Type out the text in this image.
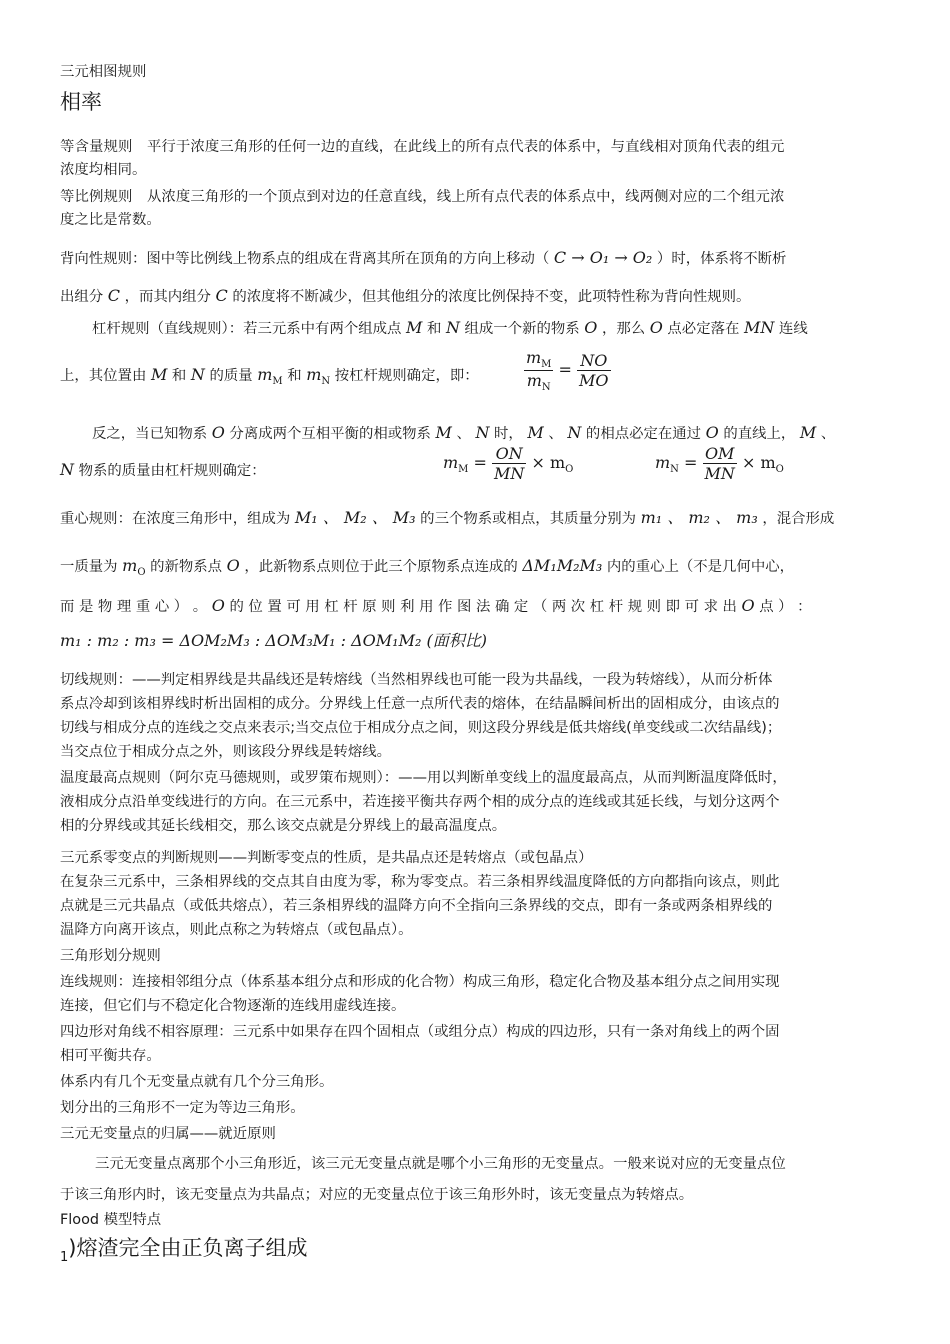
三元相图规则
相率
等含量规则　平行于浓度三角形的任何一边的直线，在此线上的所有点代表的体系中，与直线相对顶角代表的组元
浓度均相同。
等比例规则　从浓度三角形的一个顶点到对边的任意直线，线上所有点代表的体系点中，线两侧对应的二个组元浓
度之比是常数。
背向性规则：图中等比例线上物系点的组成在背离其所在顶角的方向上移动（ C → O₁ → O₂ ）时，体系将不断析
出组分 C ，而其内组分 C 的浓度将不断减少，但其他组分的浓度比例保持不变，此项特性称为背向性规则。
杠杆规则（直线规则）：若三元系中有两个组成点 M 和 N 组成一个新的物系 O ，那么 O 点必定落在 MN 连线
上，其位置由 M 和 N 的质量 $m_M$ 和 $m_N$ 按杠杆规则确定，即：	$\frac{m_M}{m_N} = \frac{NO}{MO}$
反之，当已知物系 O 分离成两个互相平衡的相或物系 M 、 N 时， M 、 N 的相点必定在通过 O 的直线上， M 、
N 物系的质量由杠杆规则确定：	$m_M = \frac{ON}{MN} \times m_O$	$m_N = \frac{OM}{MN} \times m_O$
重心规则：在浓度三角形中，组成为 M₁ 、 M₂ 、 M₃ 的三个物系或相点，其质量分别为 m₁ 、 m₂ 、 m₃ ，混合形成
一质量为 $m_O$ 的新物系点 O ，此新物系点则位于此三个原物系点连成的 ΔM₁M₂M₃ 内的重心上（不是几何中心，
而 是 物 理 重 心 ） 。 O 的 位 置 可 用 杠 杆 原 则 利 用 作 图 法 确 定 （ 两 次 杠 杆 规 则 即 可 求 出 O 点 ） ：
m₁ : m₂ : m₃ = ΔOM₂M₃ : ΔOM₃M₁ : ΔOM₁M₂ (面积比)
切线规则：——判定相界线是共晶线还是转熔线（当然相界线也可能一段为共晶线，一段为转熔线），从而分析体
系点冷却到该相界线时析出固相的成分。分界线上任意一点所代表的熔体，在结晶瞬间析出的固相成分，由该点的
切线与相成分点的连线之交点来表示;当交点位于相成分点之间，则这段分界线是低共熔线(单变线或二次结晶线)；
当交点位于相成分点之外，则该段分界线是转熔线。
温度最高点规则（阿尔克马德规则，或罗策布规则）：——用以判断单变线上的温度最高点，从而判断温度降低时，
液相成分点沿单变线进行的方向。在三元系中，若连接平衡共存两个相的成分点的连线或其延长线，与划分这两个
相的分界线或其延长线相交，那么该交点就是分界线上的最高温度点。
三元系零变点的判断规则——判断零变点的性质，是共晶点还是转熔点（或包晶点）
在复杂三元系中，三条相界线的交点其自由度为零，称为零变点。若三条相界线温度降低的方向都指向该点，则此
点就是三元共晶点（或低共熔点），若三条相界线的温降方向不全指向三条界线的交点，即有一条或两条相界线的
温降方向离开该点，则此点称之为转熔点（或包晶点）。
三角形划分规则
连线规则：连接相邻组分点（体系基本组分点和形成的化合物）构成三角形，稳定化合物及基本组分点之间用实现
连接，但它们与不稳定化合物逐渐的连线用虚线连接。
四边形对角线不相容原理：三元系中如果存在四个固相点（或组分点）构成的四边形，只有一条对角线上的两个固
相可平衡共存。
体系内有几个无变量点就有几个分三角形。
划分出的三角形不一定为等边三角形。
三元无变量点的归属——就近原则
三元无变量点离那个小三角形近，该三元无变量点就是哪个小三角形的无变量点。一般来说对应的无变量点位
于该三角形内时，该无变量点为共晶点；对应的无变量点位于该三角形外时，该无变量点为转熔点。
Flood 模型特点
$_1$)熔渣完全由正负离子组成
